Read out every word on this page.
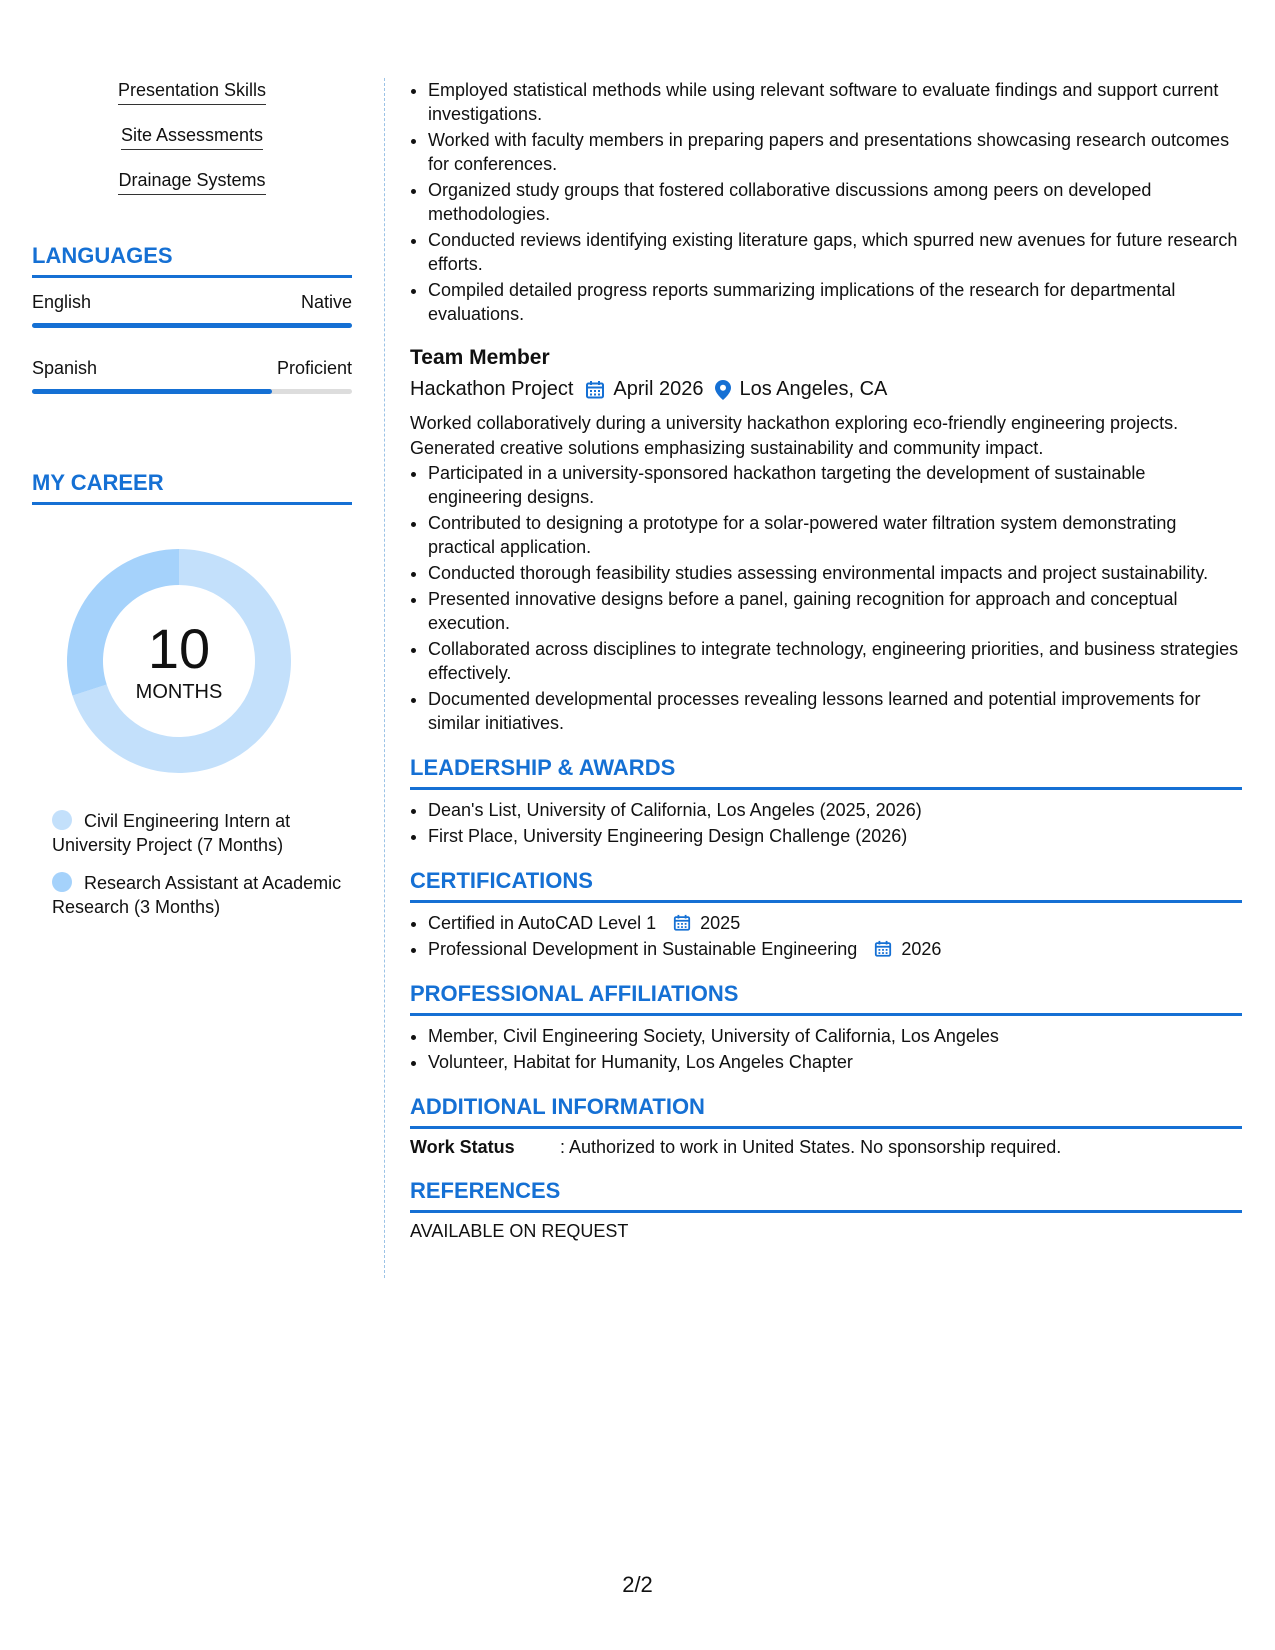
Presentation Skills
Site Assessments
Drainage Systems
LANGUAGES
English	Native
Spanish	Proficient
MY CAREER
10
MONTHS
Civil Engineering Intern at University Project (7 Months)
Research Assistant at Academic Research (3 Months)
• Employed statistical methods while using relevant software to evaluate findings and support current investigations.
• Worked with faculty members in preparing papers and presentations showcasing research outcomes for conferences.
• Organized study groups that fostered collaborative discussions among peers on developed methodologies.
• Conducted reviews identifying existing literature gaps, which spurred new avenues for future research efforts.
• Compiled detailed progress reports summarizing implications of the research for departmental evaluations.
Team Member
Hackathon Project April 2026 Los Angeles, CA
Worked collaboratively during a university hackathon exploring eco-friendly engineering projects. Generated creative solutions emphasizing sustainability and community impact.
• Participated in a university-sponsored hackathon targeting the development of sustainable engineering designs.
• Contributed to designing a prototype for a solar-powered water filtration system demonstrating practical application.
• Conducted thorough feasibility studies assessing environmental impacts and project sustainability.
• Presented innovative designs before a panel, gaining recognition for approach and conceptual execution.
• Collaborated across disciplines to integrate technology, engineering priorities, and business strategies effectively.
• Documented developmental processes revealing lessons learned and potential improvements for similar initiatives.
LEADERSHIP & AWARDS
• Dean's List, University of California, Los Angeles (2025, 2026)
• First Place, University Engineering Design Challenge (2026)
CERTIFICATIONS
• Certified in AutoCAD Level 1 2025
• Professional Development in Sustainable Engineering 2026
PROFESSIONAL AFFILIATIONS
• Member, Civil Engineering Society, University of California, Los Angeles
• Volunteer, Habitat for Humanity, Los Angeles Chapter
ADDITIONAL INFORMATION
Work Status	: Authorized to work in United States. No sponsorship required.
REFERENCES
AVAILABLE ON REQUEST
2/2
